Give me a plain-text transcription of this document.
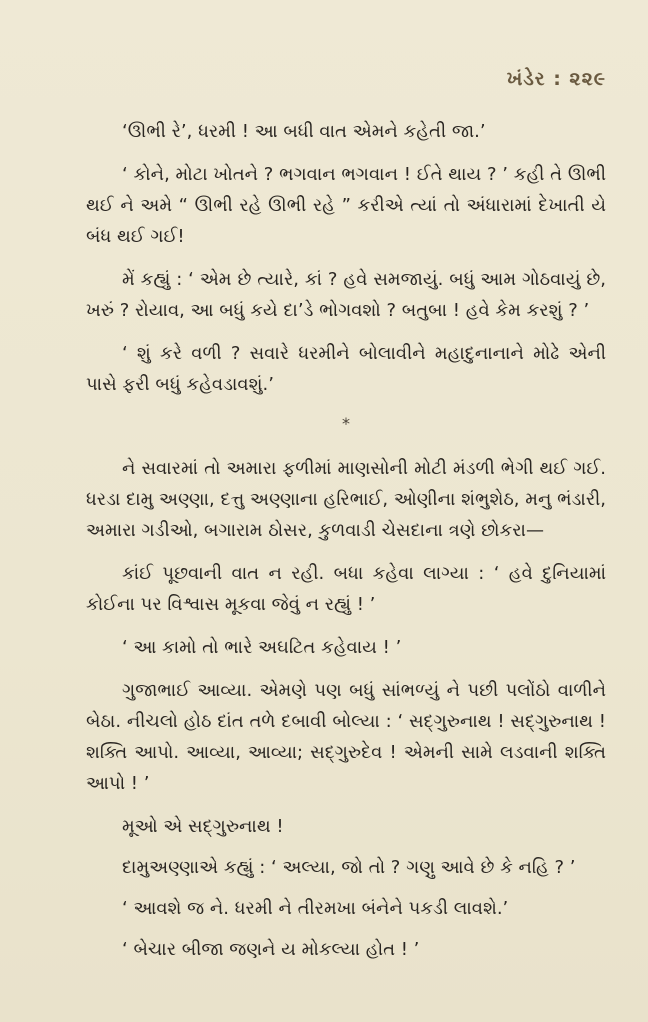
ખંડેર : ૨૨૯

‘ઊભી રે’, ધરમી ! આ બધી વાત એમને કહેતી જા.’

‘ કોને, મોટા ખોતને ? ભગવાન ભગવાન ! ઈતે થાય ? ’ કહી તે ઊભી થઈ ને અમે “ ઊભી રહે ઊભી રહે ” કરીએ ત્યાં તો અંધારામાં દેખાતી યે બંધ થઈ ગઈ!

મેં કહ્યું : ‘ એમ છે ત્યારે, કાં ? હવે સમજાયું. બધું આમ ગોઠવાયું છે, ખરું ? રોયાવ, આ બધું કયે દા’ડે ભોગવશો ? બતુબા ! હવે કેમ કરશું ? ’

‘ શું કરે વળી ? સવારે ધરમીને બોલાવીને મહાદુનાનાને મોઢે એની પાસે ફરી બધું કહેવડાવશું.’

*

ને સવારમાં તો અમારા ફળીમાં માણસોની મોટી મંડળી ભેગી થઈ ગઈ. ધરડા દામુ અણ્ણા, દત્તુ અણ્ણાના હરિભાઈ, ઓણીના શંભુશેઠ, મનુ ભંડારી, અમારા ગડીઓ, બગારામ ઠોસર, કુળવાડી ચેસદાના ત્રણે છોકરા—

કાંઈ પૂછવાની વાત ન રહી. બધા કહેવા લાગ્યા : ‘ હવે દુનિયામાં કોઈના પર વિશ્વાસ મૂકવા જેવું ન રહ્યું ! ’

‘ આ કામો તો ભારે અઘટિત કહેવાય ! ’

ગુજાભાઈ આવ્યા. એમણે પણ બધું સાંભળ્યું ને પછી પલોંઠો વાળીને બેઠા. નીચલો હોઠ દાંત તળે દબાવી બોલ્યા : ‘ સદ્‌ગુરુનાથ ! સદ્‌ગુરુનાથ ! શક્તિ આપો. આવ્યા, આવ્યા; સદ્‌ગુરુદેવ ! એમની સામે લડવાની શક્તિ આપો ! ’

મૂઓ એ સદ્‌ગુરુનાથ !

દામુઅણ્ણાએ કહ્યું : ‘ અલ્યા, જો તો ? ગણુ આવે છે કે નહિ ? ’

‘ આવશે જ ને. ધરમી ને તીરમખા બંનેને પકડી લાવશે.’

‘ બેચાર બીજા જણને ય મોકલ્યા હોત ! ’
